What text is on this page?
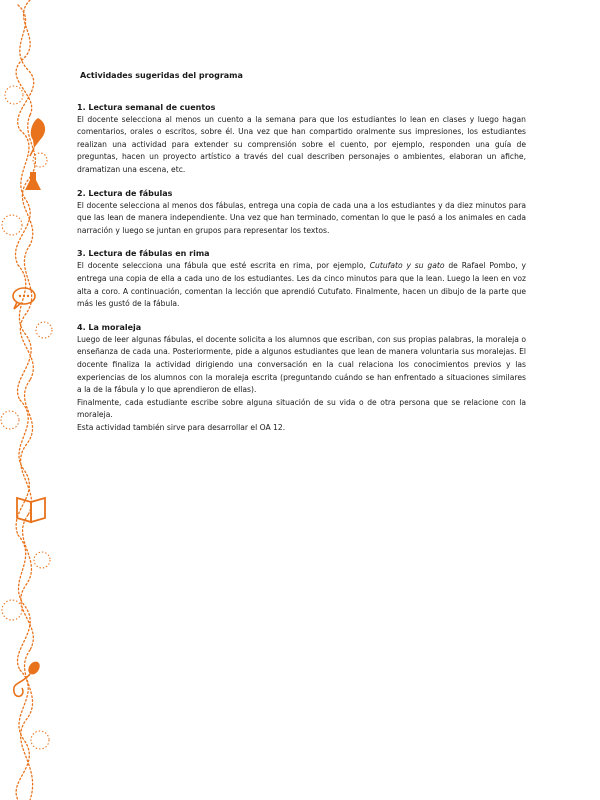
Actividades sugeridas del programa

1. Lectura semanal de cuentos

El docente selecciona al menos un cuento a la semana para que los estudiantes lo lean en clases y luego hagan comentarios, orales o escritos, sobre él. Una vez que han compartido oralmente sus impresiones, los estudiantes realizan una actividad para extender su comprensión sobre el cuento, por ejemplo, responden una guía de preguntas, hacen un proyecto artístico a través del cual describen personajes o ambientes, elaboran un afiche, dramatizan una escena, etc.

2. Lectura de fábulas

El docente selecciona al menos dos fábulas, entrega una copia de cada una a los estudiantes y da diez minutos para que las lean de manera independiente. Una vez que han terminado, comentan lo que le pasó a los animales en cada narración y luego se juntan en grupos para representar los textos.

3. Lectura de fábulas en rima

El docente selecciona una fábula que esté escrita en rima, por ejemplo, Cutufato y su gato de Rafael Pombo, y entrega una copia de ella a cada uno de los estudiantes. Les da cinco minutos para que la lean. Luego la leen en voz alta a coro. A continuación, comentan la lección que aprendió Cutufato. Finalmente, hacen un dibujo de la parte que más les gustó de la fábula.

4. La moraleja

Luego de leer algunas fábulas, el docente solicita a los alumnos que escriban, con sus propias palabras, la moraleja o enseñanza de cada una. Posteriormente, pide a algunos estudiantes que lean de manera voluntaria sus moralejas. El docente finaliza la actividad dirigiendo una conversación en la cual relaciona los conocimientos previos y las experiencias de los alumnos con la moraleja escrita (preguntando cuándo se han enfrentado a situaciones similares a la de la fábula y lo que aprendieron de ellas).

Finalmente, cada estudiante escribe sobre alguna situación de su vida o de otra persona que se relacione con la moraleja.

Esta actividad también sirve para desarrollar el OA 12.
